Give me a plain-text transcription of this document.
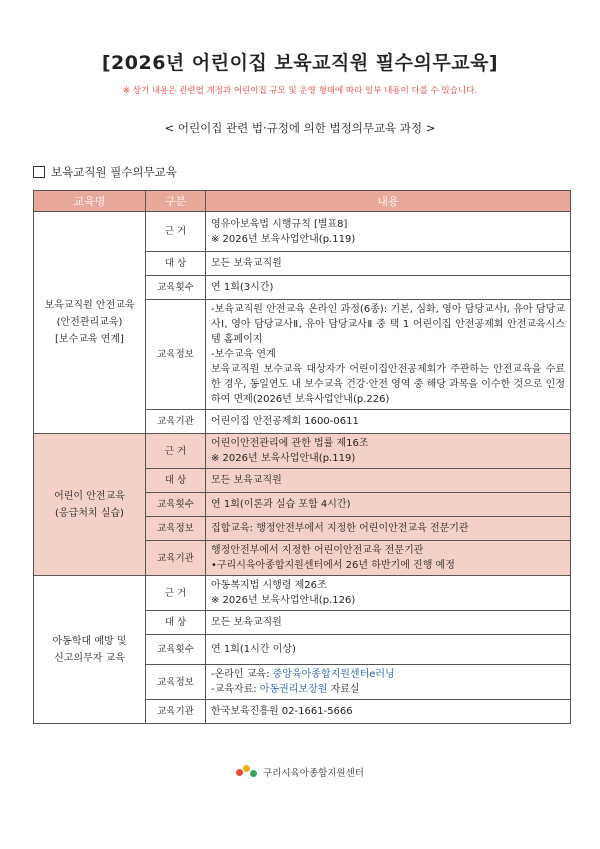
[2026년 어린이집 보육교직원 필수의무교육]
※ 상기 내용은 관련법 개정과 어린이집 규모 및 운영 형태에 따라 일부 내용이 다를 수 있습니다.
< 어린이집 관련 법·규정에 의한 법정의무교육 과정 >
보육교직원 필수의무교육
교육명	구분	내용

보육교직원 안전교육
(안전관리교육)
[보수교육 연계]	근 거	영유아보육법 시행규칙 [별표8]
※ 2026년 보육사업안내(p.119)

	대 상	모든 보육교직원

	교육횟수	연 1회(3시간)

	교육정보	-보육교직원 안전교육 온라인 과정(6종): 기본, 심화, 영아 담당교사Ⅰ, 유아 담당교사Ⅰ, 영아 담당교사Ⅱ, 유아 담당교사Ⅱ 중 택 1 어린이집 안전공제회 안전교육시스템 홈페이지
-보수교육 연계
보육교직원 보수교육 대상자가 어린이집안전공제회가 주관하는 안전교육을 수료한 경우, 동일연도 내 보수교육 건강·안전 영역 중 해당 과목을 이수한 것으로 인정하여 면제(2026년 보육사업안내(p.226)

	교육기관	어린이집 안전공제회 1600-0611

어린이 안전교육
(응급처치 실습)	근 거	어린이안전관리에 관한 법률 제16조
※ 2026년 보육사업안내(p.119)

	대 상	모든 보육교직원

	교육횟수	연 1회(이론과 실습 포함 4시간)

	교육정보	집합교육: 행정안전부에서 지정한 어린이안전교육 전문기관

	교육기관	행정안전부에서 지정한 어린이안전교육 전문기관
•구리시육아종합지원센터에서 26년 하반기에 진행 예정

아동학대 예방 및
신고의무자 교육	근 거	아동복지법 시행령 제26조
※ 2026년 보육사업안내(p.126)

	대 상	모든 보육교직원

	교육횟수	연 1회(1시간 이상)

	교육정보	-온라인 교육: 중앙육아종합지원센터e러닝
-교육자료: 아동권리보장원 자료실

	교육기관	한국보육진흥원 02-1661-5666
구리시육아종합지원센터
